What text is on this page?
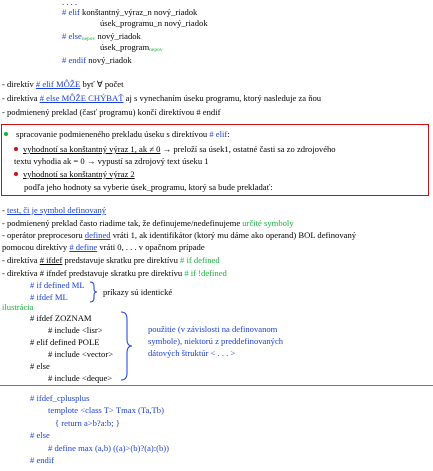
. . . .
# elif konštantný_výraz_n nový_riadok
úsek_programu_n nový_riadok
# elsenepov nový_riadok
úsek_programnepov
# endif nový_riadok
- direktív # elif MÔŽE byť ∀ počet
- direktíva # else MÔŽE CHÝBAŤ aj s vynechaním úseku programu, ktorý nasleduje za ňou
- podmienený preklad (časť programu) končí direktívou # endif
spracovanie podmieneného prekladu úseku s direktívou # elif:
vyhodnotí sa konštantný výraz 1, ak ≠ 0 → preloží sa úsek1, ostatné časti sa zo zdrojového
textu vyhodia ak = 0 → vypustí sa zdrojový text úseku 1
vyhodnotí sa konštantný výraz 2
podľa jeho hodnoty sa vyberie úsek_programu, ktorý sa bude prekladať:
- test, či je symbol definovaný
- podmienený preklad často riadime tak, že definujeme/nedefinujeme určité symboly
- operátor preprocesoru defined vráti 1, ak identifikátor (ktorý mu dáme ako operand) BOL definovaný
pomocou direktívy # define vráti 0, . . . v opačnom prípade
- direktíva # ifdef predstavuje skratku pre direktívu # if defined
- direktíva # ifndef predstavuje skratku pre direktívu # if !defined
# if defined ML
# ifdef ML	príkazy sú identické
ilustrácia
# ifdef ZOZNAM
# include <lisr>
# elif defined POLE
# include <vector>
# else
# include <deque>
použitie (v závislosti na definovanom
symbole), niektorú z preddefinovaných
dátových štruktúr < . . . >
# ifdef_cplusplus
templote <class T> Tmax (Ta,Tb)
{ return a>b?a:b; }
# else
# define max (a,b) ((a)>(b)?(a):(b))
# endif
